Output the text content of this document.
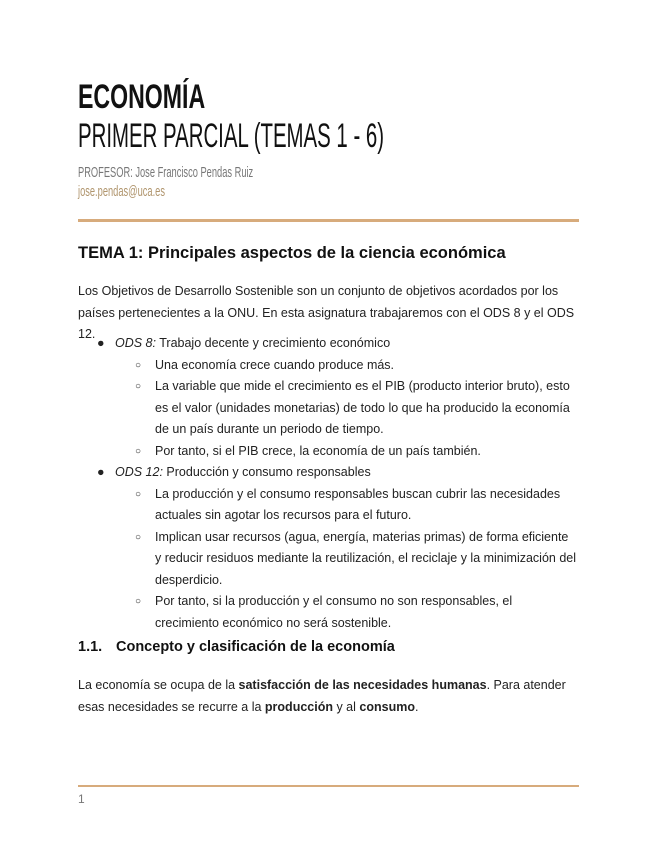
ECONOMÍA
PRIMER PARCIAL (TEMAS 1 - 6)
PROFESOR: Jose Francisco Pendas Ruiz
jose.pendas@uca.es
TEMA 1: Principales aspectos de la ciencia económica
Los Objetivos de Desarrollo Sostenible son un conjunto de objetivos acordados por los países pertenecientes a la ONU. En esta asignatura trabajaremos con el ODS 8 y el ODS 12.
● ODS 8: Trabajo decente y crecimiento económico
○ Una economía crece cuando produce más.
○ La variable que mide el crecimiento es el PIB (producto interior bruto), esto es el valor (unidades monetarias) de todo lo que ha producido la economía de un país durante un periodo de tiempo.
○ Por tanto, si el PIB crece, la economía de un país también.
● ODS 12: Producción y consumo responsables
○ La producción y el consumo responsables buscan cubrir las necesidades actuales sin agotar los recursos para el futuro.
○ Implican usar recursos (agua, energía, materias primas) de forma eficiente y reducir residuos mediante la reutilización, el reciclaje y la minimización del desperdicio.
○ Por tanto, si la producción y el consumo no son responsables, el crecimiento económico no será sostenible.
1.1. Concepto y clasificación de la economía
La economía se ocupa de la satisfacción de las necesidades humanas. Para atender esas necesidades se recurre a la producción y al consumo.
1
